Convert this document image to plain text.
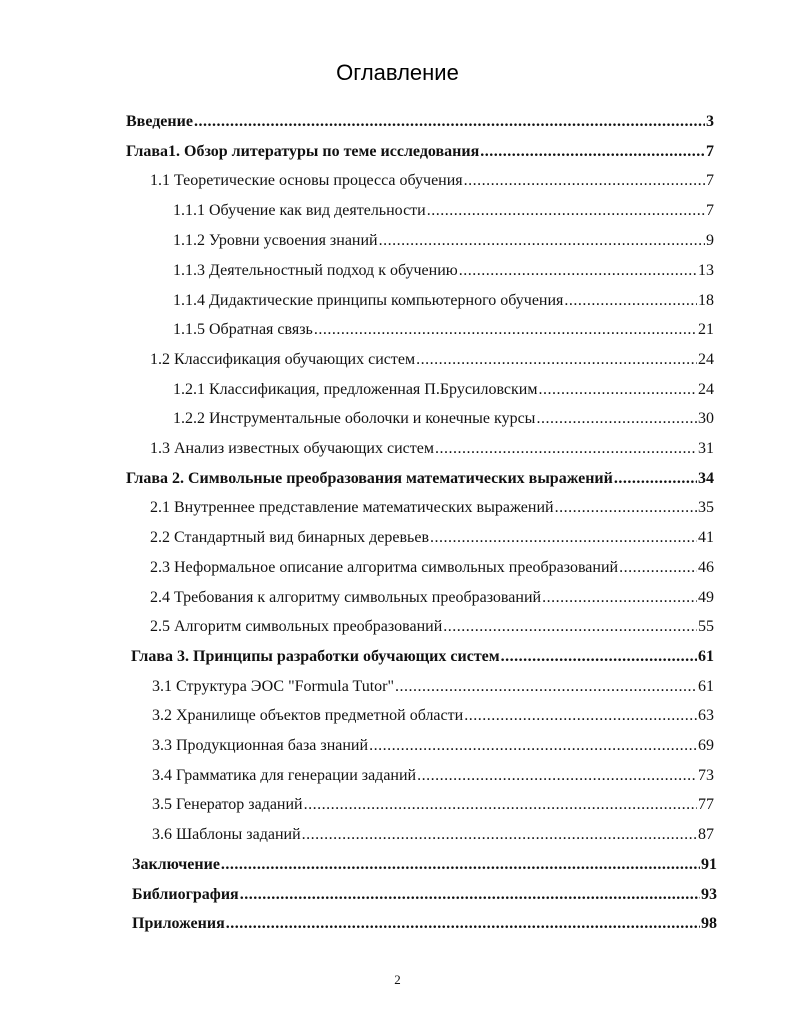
Оглавление
Введение .....	3
Глава1. Обзор литературы по теме исследования .....	7
1.1 Теоретические основы процесса обучения .....	7
1.1.1 Обучение как вид деятельности .....	7
1.1.2 Уровни усвоения знаний .....	9
1.1.3 Деятельностный подход к обучению .....	13
1.1.4 Дидактические принципы компьютерного обучения .....	18
1.1.5 Обратная связь .....	21
1.2 Классификация обучающих систем .....	24
1.2.1 Классификация, предложенная П.Брусиловским .....	24
1.2.2 Инструментальные оболочки и конечные курсы .....	30
1.3 Анализ известных обучающих систем .....	31
Глава 2. Символьные преобразования математических выражений .....	34
2.1 Внутреннее представление математических выражений .....	35
2.2 Стандартный вид бинарных деревьев .....	41
2.3 Неформальное описание алгоритма символьных преобразований .....	46
2.4 Требования к алгоритму символьных преобразований .....	49
2.5 Алгоритм символьных преобразований .....	55
Глава 3. Принципы разработки обучающих систем .....	61
3.1 Структура ЭОС "Formula Tutor" .....	61
3.2 Хранилище объектов предметной области .....	63
3.3 Продукционная база знаний .....	69
3.4 Грамматика для генерации заданий .....	73
3.5 Генератор заданий .....	77
3.6 Шаблоны заданий .....	87
Заключение .....	91
Библиография .....	93
Приложения .....	98
2
